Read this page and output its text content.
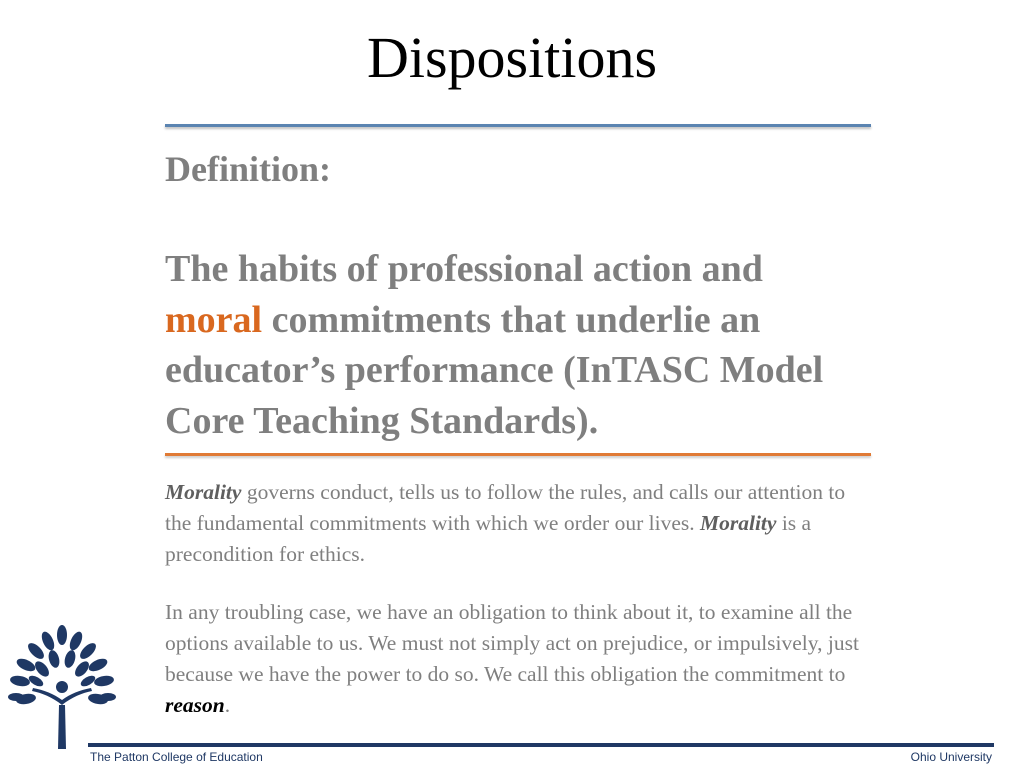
Dispositions
Definition:
The habits of professional action and moral commitments that underlie an educator’s performance (InTASC Model Core Teaching Standards).
Morality governs conduct, tells us to follow the rules, and calls our attention to the fundamental commitments with which we order our lives. Morality is a precondition for ethics.
In any troubling case, we have an obligation to think about it, to examine all the options available to us. We must not simply act on prejudice, or impulsively, just because we have the power to do so. We call this obligation the commitment to reason.
The Patton College of Education	Ohio University
